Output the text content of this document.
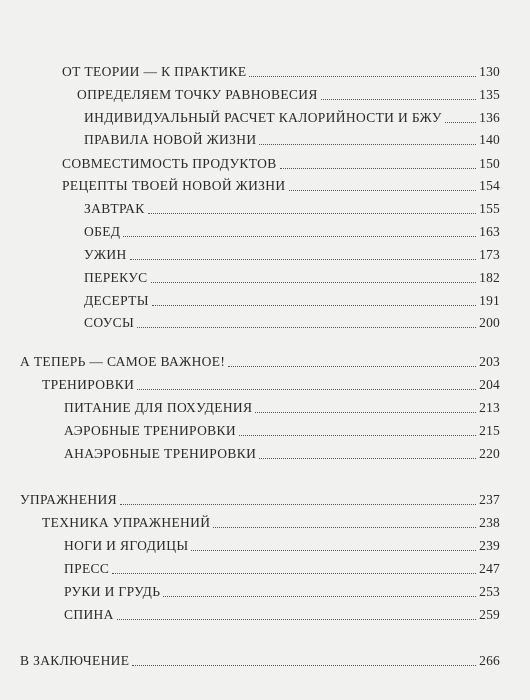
ОТ ТЕОРИИ — К ПРАКТИКЕ	130
ОПРЕДЕЛЯЕМ ТОЧКУ РАВНОВЕСИЯ	135
ИНДИВИДУАЛЬНЫЙ РАСЧЕТ КАЛОРИЙНОСТИ И БЖУ	136
ПРАВИЛА НОВОЙ ЖИЗНИ	140
СОВМЕСТИМОСТЬ ПРОДУКТОВ	150
РЕЦЕПТЫ ТВОЕЙ НОВОЙ ЖИЗНИ	154
ЗАВТРАК	155
ОБЕД	163
УЖИН	173
ПЕРЕКУС	182
ДЕСЕРТЫ	191
СОУСЫ	200
А ТЕПЕРЬ — САМОЕ ВАЖНОЕ!	203
ТРЕНИРОВКИ	204
ПИТАНИЕ ДЛЯ ПОХУДЕНИЯ	213
АЭРОБНЫЕ ТРЕНИРОВКИ	215
АНАЭРОБНЫЕ ТРЕНИРОВКИ	220
УПРАЖНЕНИЯ	237
ТЕХНИКА УПРАЖНЕНИЙ	238
НОГИ И ЯГОДИЦЫ	239
ПРЕСС	247
РУКИ И ГРУДЬ	253
СПИНА	259
В ЗАКЛЮЧЕНИЕ	266
